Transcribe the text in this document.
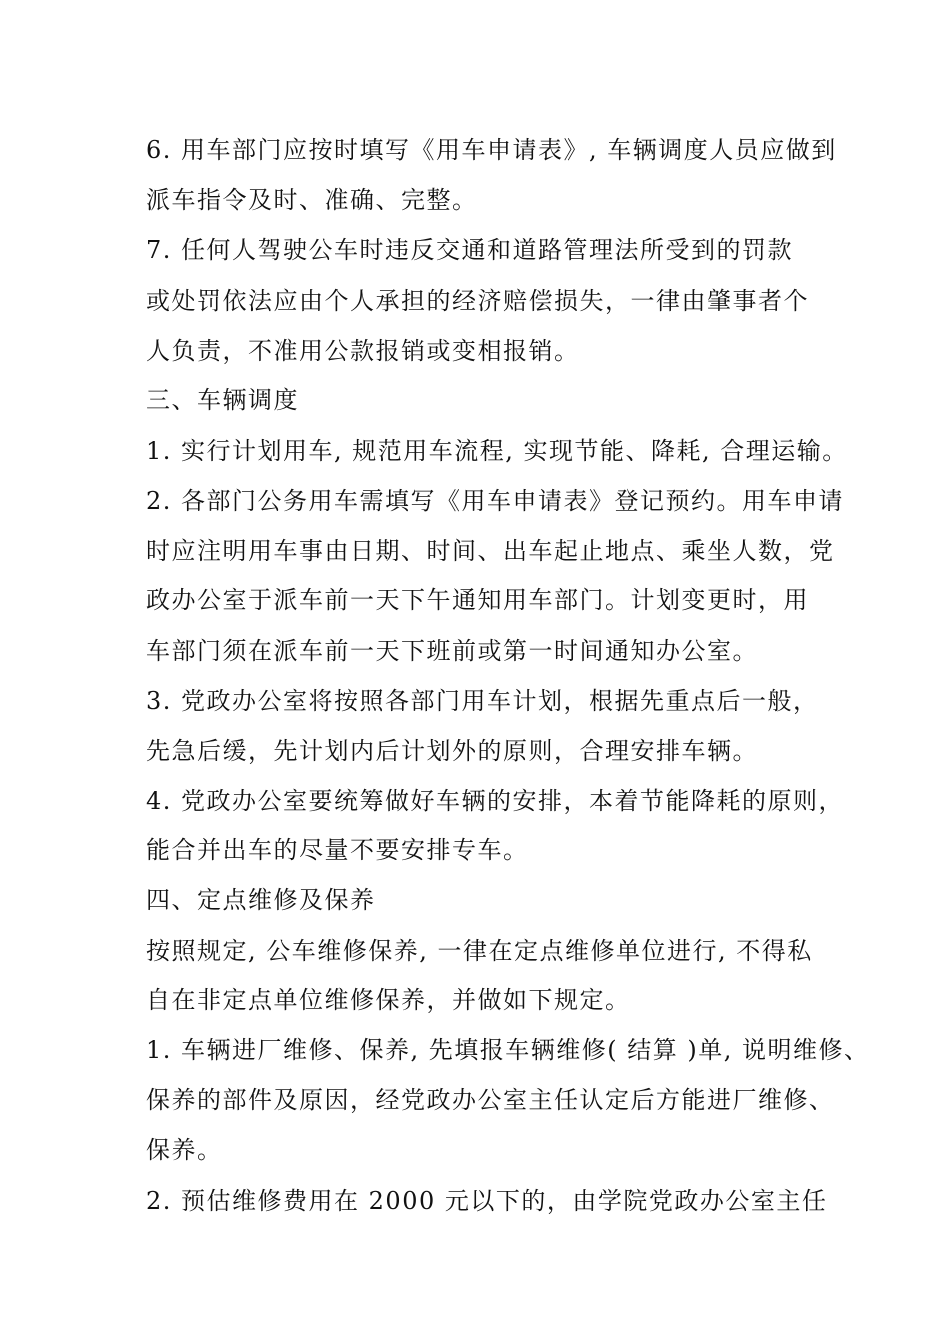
6. 用车部门应按时填写《用车申请表》, 车辆调度人员应做到
派车指令及时、准确、完整。
7. 任何人驾驶公车时违反交通和道路管理法所受到的罚款
或处罚依法应由个人承担的经济赔偿损失，一律由肇事者个
人负责，不准用公款报销或变相报销。
三、车辆调度
1. 实行计划用车, 规范用车流程, 实现节能、降耗, 合理运输。
2. 各部门公务用车需填写《用车申请表》登记预约。用车申请
时应注明用车事由日期、时间、出车起止地点、乘坐人数，党
政办公室于派车前一天下午通知用车部门。计划变更时，用
车部门须在派车前一天下班前或第一时间通知办公室。
3. 党政办公室将按照各部门用车计划，根据先重点后一般，
先急后缓，先计划内后计划外的原则，合理安排车辆。
4. 党政办公室要统筹做好车辆的安排，本着节能降耗的原则，
能合并出车的尽量不要安排专车。
四、定点维修及保养
按照规定, 公车维修保养, 一律在定点维修单位进行, 不得私
自在非定点单位维修保养，并做如下规定。
1. 车辆进厂维修、保养, 先填报车辆维修( 结算 )单, 说明维修、
保养的部件及原因，经党政办公室主任认定后方能进厂维修、
保养。
2. 预估维修费用在 2000 元以下的，由学院党政办公室主任
